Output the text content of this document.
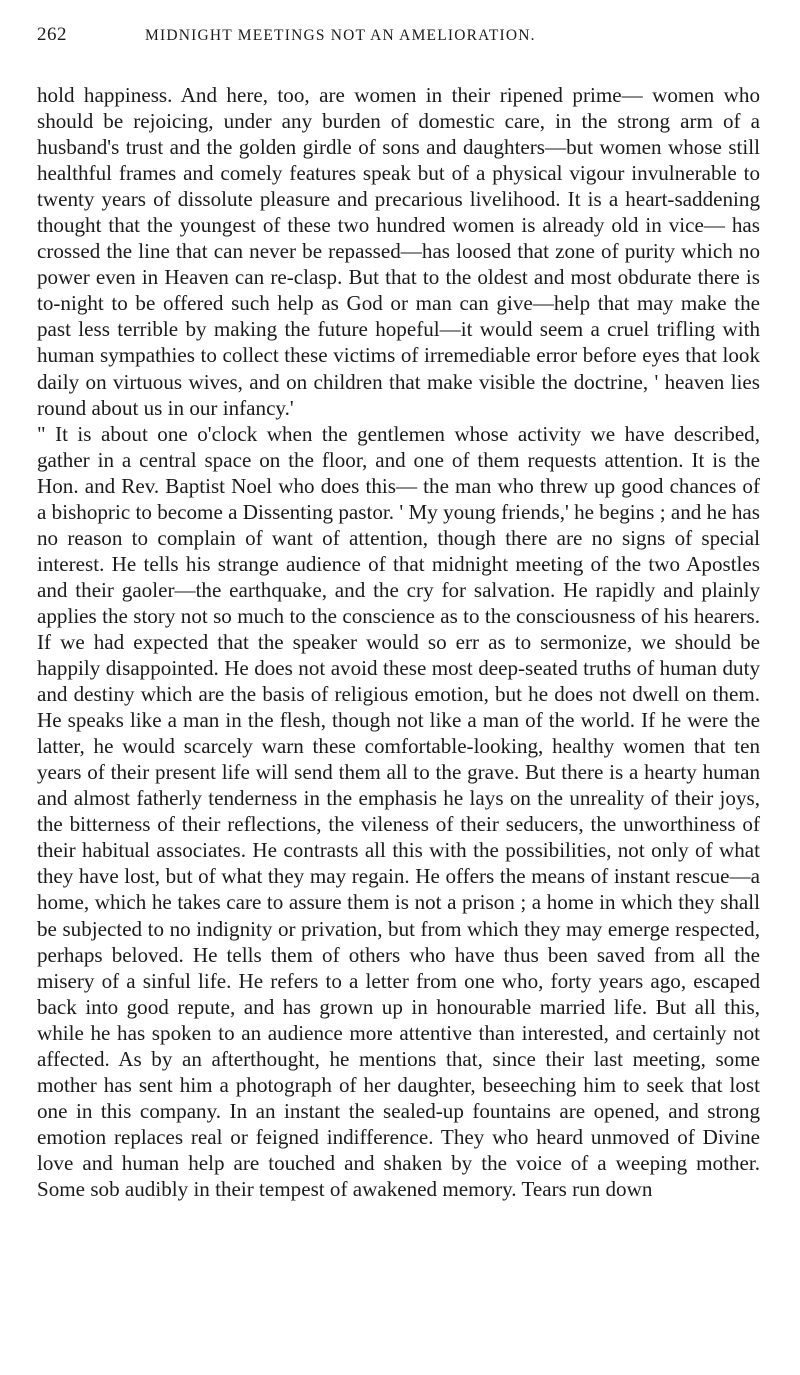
262	MIDNIGHT MEETINGS NOT AN AMELIORATION.

hold happiness. And here, too, are women in their ripened prime— women who should be rejoicing, under any burden of domestic care, in the strong arm of a husband's trust and the golden girdle of sons and daughters—but women whose still healthful frames and comely features speak but of a physical vigour invulnerable to twenty years of dissolute pleasure and precarious livelihood. It is a heart-saddening thought that the youngest of these two hundred women is already old in vice— has crossed the line that can never be repassed—has loosed that zone of purity which no power even in Heaven can re-clasp. But that to the oldest and most obdurate there is to-night to be offered such help as God or man can give—help that may make the past less terrible by making the future hopeful—it would seem a cruel trifling with human sympathies to collect these victims of irremediable error before eyes that look daily on virtuous wives, and on children that make visible the doctrine, ' heaven lies round about us in our infancy.'

" It is about one o'clock when the gentlemen whose activity we have described, gather in a central space on the floor, and one of them requests attention. It is the Hon. and Rev. Baptist Noel who does this— the man who threw up good chances of a bishopric to become a Dissenting pastor. ' My young friends,' he begins ; and he has no reason to complain of want of attention, though there are no signs of special interest. He tells his strange audience of that midnight meeting of the two Apostles and their gaoler—the earthquake, and the cry for salvation. He rapidly and plainly applies the story not so much to the conscience as to the consciousness of his hearers. If we had expected that the speaker would so err as to sermonize, we should be happily disappointed. He does not avoid these most deep-seated truths of human duty and destiny which are the basis of religious emotion, but he does not dwell on them. He speaks like a man in the flesh, though not like a man of the world. If he were the latter, he would scarcely warn these comfortable-looking, healthy women that ten years of their present life will send them all to the grave. But there is a hearty human and almost fatherly tenderness in the emphasis he lays on the unreality of their joys, the bitterness of their reflections, the vileness of their seducers, the unworthiness of their habitual associates. He contrasts all this with the possibilities, not only of what they have lost, but of what they may regain. He offers the means of instant rescue—a home, which he takes care to assure them is not a prison ; a home in which they shall be subjected to no indignity or privation, but from which they may emerge respected, perhaps beloved. He tells them of others who have thus been saved from all the misery of a sinful life. He refers to a letter from one who, forty years ago, escaped back into good repute, and has grown up in honourable married life. But all this, while he has spoken to an audience more attentive than interested, and certainly not affected. As by an afterthought, he mentions that, since their last meeting, some mother has sent him a photograph of her daughter, beseeching him to seek that lost one in this company. In an instant the sealed-up fountains are opened, and strong emotion replaces real or feigned indifference. They who heard unmoved of Divine love and human help are touched and shaken by the voice of a weeping mother. Some sob audibly in their tempest of awakened memory. Tears run down
